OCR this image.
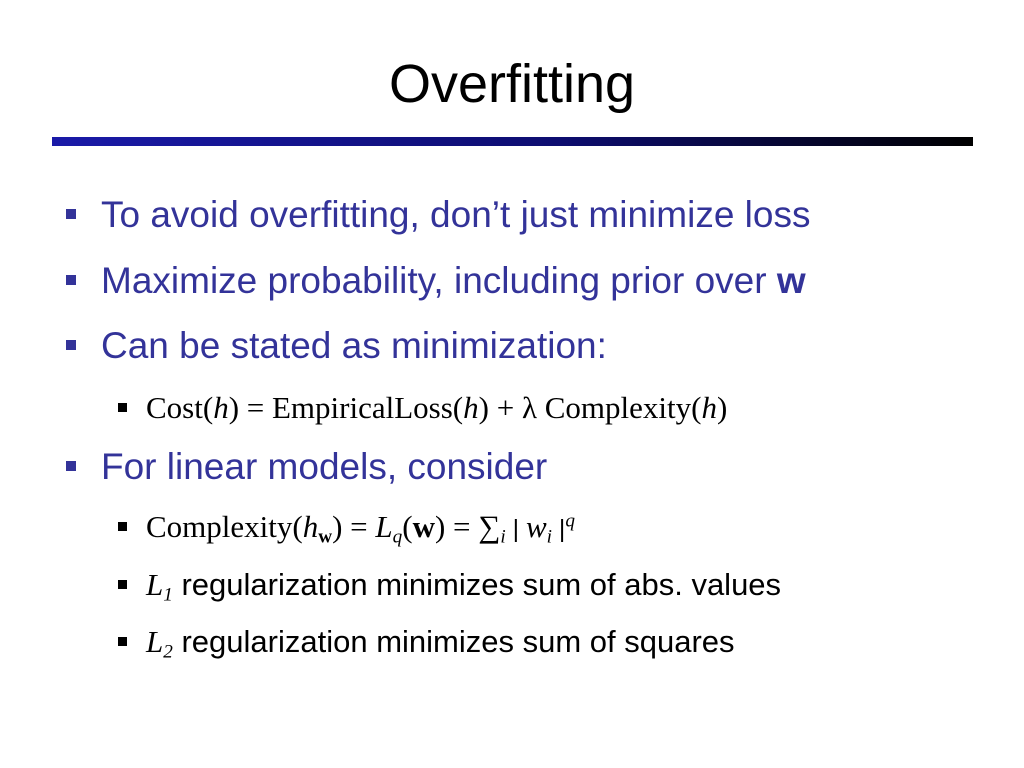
Overfitting
To avoid overfitting, don’t just minimize loss
Maximize probability, including prior over w
Can be stated as minimization:
Cost(h) = EmpiricalLoss(h) + λ Complexity(h)
For linear models, consider
$Complexity(h_w) = L_q(w) = \sum_i$ | $w_i$ $|^q$
$L_1$ regularization minimizes sum of abs. values
$L_2$ regularization minimizes sum of squares
